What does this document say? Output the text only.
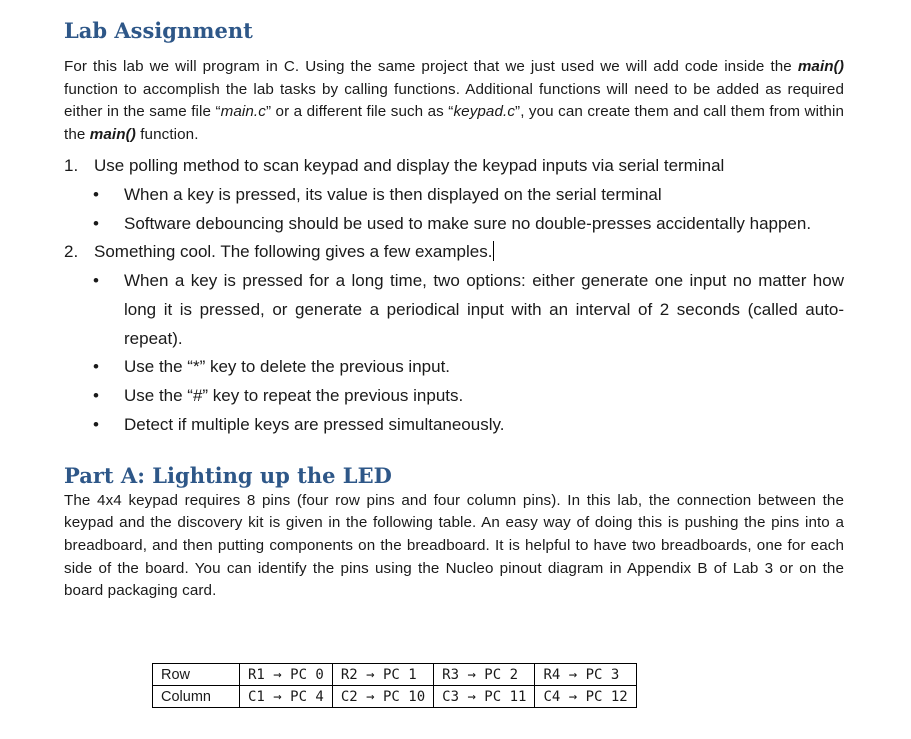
Lab Assignment

For this lab we will program in C. Using the same project that we just used we will add code inside the main() function to accomplish the lab tasks by calling functions. Additional functions will need to be added as required either in the same file “main.c” or a different file such as “keypad.c”, you can create them and call them from within the main() function.

1. Use polling method to scan keypad and display the keypad inputs via serial terminal
• When a key is pressed, its value is then displayed on the serial terminal
• Software debouncing should be used to make sure no double-presses accidentally happen.
2. Something cool. The following gives a few examples.
• When a key is pressed for a long time, two options: either generate one input no matter how long it is pressed, or generate a periodical input with an interval of 2 seconds (called auto-repeat).
• Use the “*” key to delete the previous input.
• Use the “#” key to repeat the previous inputs.
• Detect if multiple keys are pressed simultaneously.
Part A: Lighting up the LED

The 4x4 keypad requires 8 pins (four row pins and four column pins). In this lab, the connection between the keypad and the discovery kit is given in the following table. An easy way of doing this is pushing the pins into a breadboard, and then putting components on the breadboard. It is helpful to have two breadboards, one for each side of the board. You can identify the pins using the Nucleo pinout diagram in Appendix B of Lab 3 or on the board packaging card.

Row	R1 → PC 0	R2 → PC 1	R3 → PC 2	R4 → PC 3
Column	C1 → PC 4	C2 → PC 10	C3 → PC 11	C4 → PC 12
